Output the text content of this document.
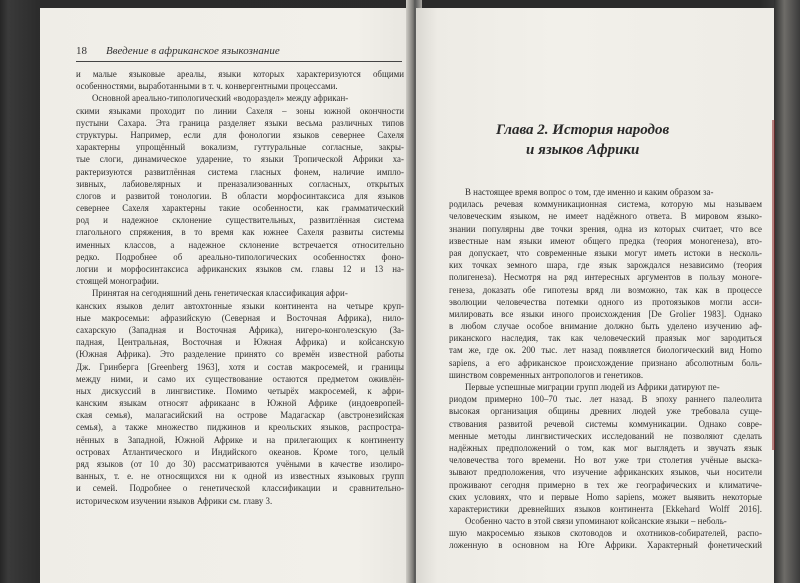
18 Введение в африканское языкознание
и малые языковые ареалы, языки которых характеризуются общими
особенностями, выработанными в т. ч. конвергентными процессами.
Основной ареально-типологический «водораздел» между африкан-
скими языками проходит по линии Сахеля – зоны южной окончности
пустыни Сахара. Эта граница разделяет языки весьма различных типов
структуры. Например, если для фонологии языков севернее Сахеля
характерны упрощённый вокализм, гуттуральные согласные, закры-
тые слоги, динамическое ударение, то языки Тропической Африки ха-
рактеризуются развитлённая система гласных фонем, наличие импло-
зивных, лабиовелярных и преназализованных согласных, открытых
слогов и развитой тонологии. В области морфосинтаксиса для языков
севернее Сахеля характерны такие особенности, как грамматический
род и надежное склонение существительных, развитлённая система
глагольного спряжения, в то время как южнее Сахеля развиты системы
именных классов, а надежное склонение встречается относительно
редко. Подробнее об ареально-типологических особенностях фоно-
логии и морфосинтаксиса африканских языков см. главы 12 и 13 на-
стоящей монографии.
Принятая на сегодняшний день генетическая классификация афри-
канских языков делит автохтонные языки континента на четыре круп-
ные макросемьи: афразийскую (Северная и Восточная Африка), нило-
сахарскую (Западная и Восточная Африка), нигеро-конголезскую (За-
падная, Центральная, Восточная и Южная Африка) и койсанскую
(Южная Африка). Это разделение принято со времён известной работы
Дж. Гринберга [Greenberg 1963], хотя и состав макросемей, и границы
между ними, и само их существование остаются предметом оживлён-
ных дискуссий в лингвистике. Помимо четырёх макросемей, к афри-
канским языкам относят африкаанс в Южной Африке (индоевропей-
ская семья), малагасийский на острове Мадагаскар (австронезийская
семья), а также множество пиджинов и креольских языков, распростра-
нённых в Западной, Южной Африке и на прилегающих к континенту
островах Атлантического и Индийского океанов. Кроме того, целый
ряд языков (от 10 до 30) рассматриваются учёными в качестве изолиро-
ванных, т. е. не относящихся ни к одной из известных языковых групп
и семей. Подробнее о генетической классификации и сравнительно-
историческом изучении языков Африки см. главу 3.
Глава 2. История народов
и языков Африки
В настоящее время вопрос о том, где именно и каким образом за-
родилась речевая коммуникационная система, которую мы называем
человеческим языком, не имеет надёжного ответа. В мировом языко-
знании популярны две точки зрения, одна из которых считает, что все
известные нам языки имеют общего предка (теория моногенеза), вто-
рая допускает, что современные языки могут иметь истоки в несколь-
ких точках земного шара, где язык зарождался независимо (теория
полигенеза). Несмотря на ряд интересных аргументов в пользу моноге-
генеза, доказать обе гипотезы вряд ли возможно, так как в процессе
эволюции человечества потемки одного из протоязыков могли асси-
милировать все языки иного происхождения [De Grolier 1983]. Однако
в любом случае особое внимание должно быть уделено изучению аф-
риканского наследия, так как человеческий праязык мог зародиться
там же, где ок. 200 тыс. лет назад появляется биологический вид Homo
sapiens, а его африканское происхождение признано абсолютным боль-
шинством современных антропологов и генетиков.
Первые успешные миграции групп людей из Африки датируют пе-
риодом примерно 100–70 тыс. лет назад. В эпоху раннего палеолита
высокая организация общины древних людей уже требовала суще-
ствования развитой речевой системы коммуникации. Однако совре-
менные методы лингвистических исследований не позволяют сделать
надёжных предположений о том, как мог выглядеть и звучать язык
человечества того времени. Но вот уже три столетия учёные выска-
зывают предположения, что изучение африканских языков, чьи носители
проживают сегодня примерно в тех же географических и климатиче-
ских условиях, что и первые Homo sapiens, может выявить некоторые
характеристики древнейших языков континента [Ekkehard Wolff 2016].
Особенно часто в этой связи упоминают койсанские языки – неболь-
шую макросемью языков скотоводов и охотников-собирателей, распо-
ложенную в основном на Юге Африки. Характерный фонетический
